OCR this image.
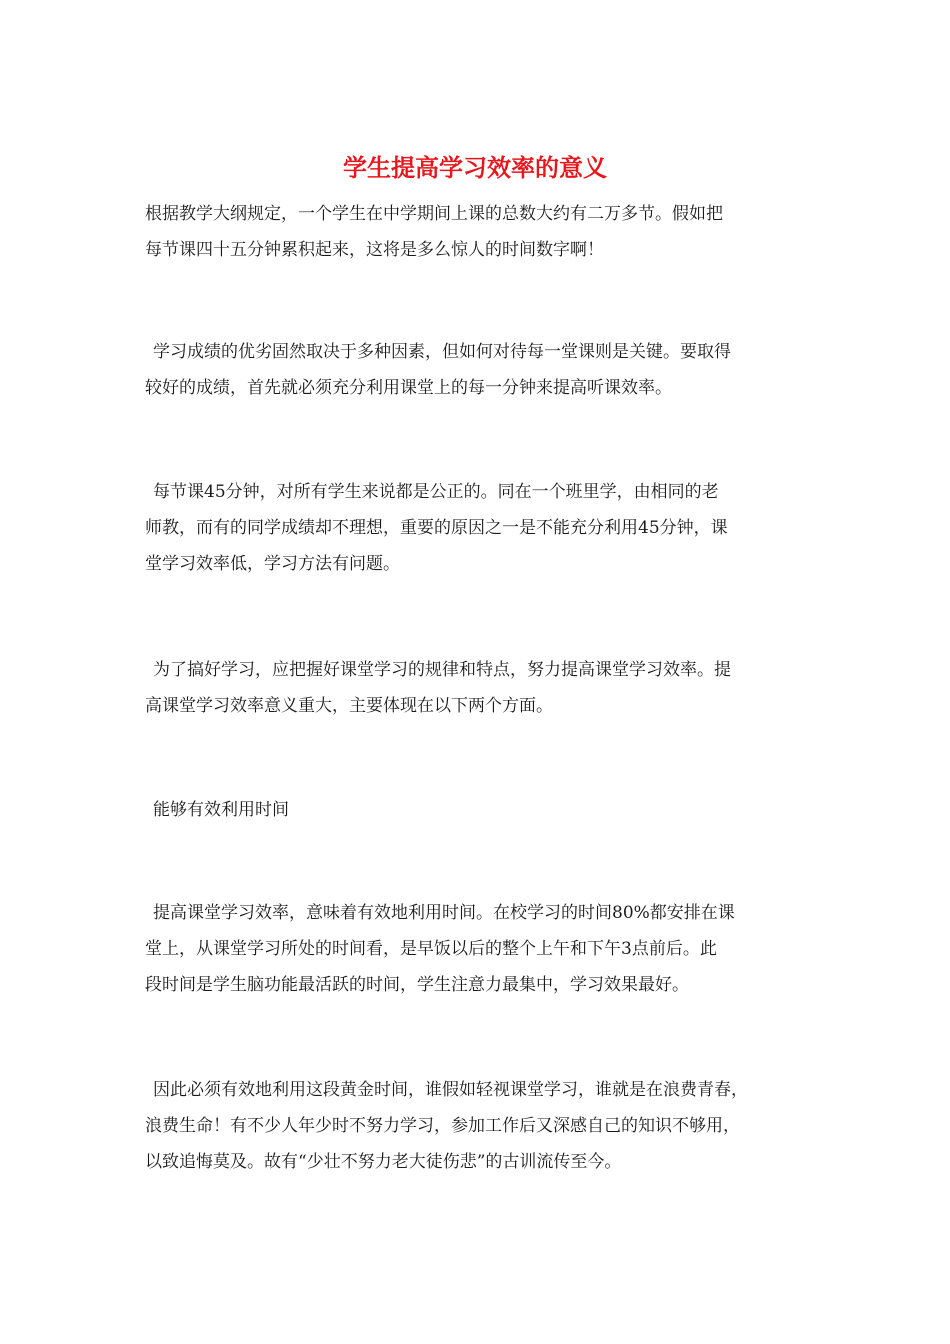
学生提高学习效率的意义

根据教学大纲规定，一个学生在中学期间上课的总数大约有二万多节。假如把
每节课四十五分钟累积起来，这将是多么惊人的时间数字啊！

学习成绩的优劣固然取决于多种因素，但如何对待每一堂课则是关键。要取得
较好的成绩，首先就必须充分利用课堂上的每一分钟来提高听课效率。

每节课45分钟，对所有学生来说都是公正的。同在一个班里学，由相同的老
师教，而有的同学成绩却不理想，重要的原因之一是不能充分利用45分钟，课
堂学习效率低，学习方法有问题。

为了搞好学习，应把握好课堂学习的规律和特点，努力提高课堂学习效率。提
高课堂学习效率意义重大，主要体现在以下两个方面。

能够有效利用时间

提高课堂学习效率，意味着有效地利用时间。在校学习的时间80%都安排在课
堂上，从课堂学习所处的时间看，是早饭以后的整个上午和下午3点前后。此
段时间是学生脑功能最活跃的时间，学生注意力最集中，学习效果最好。

因此必须有效地利用这段黄金时间，谁假如轻视课堂学习，谁就是在浪费青春，
浪费生命！有不少人年少时不努力学习，参加工作后又深感自己的知识不够用，
以致追悔莫及。故有“少壮不努力老大徒伤悲”的古训流传至今。
